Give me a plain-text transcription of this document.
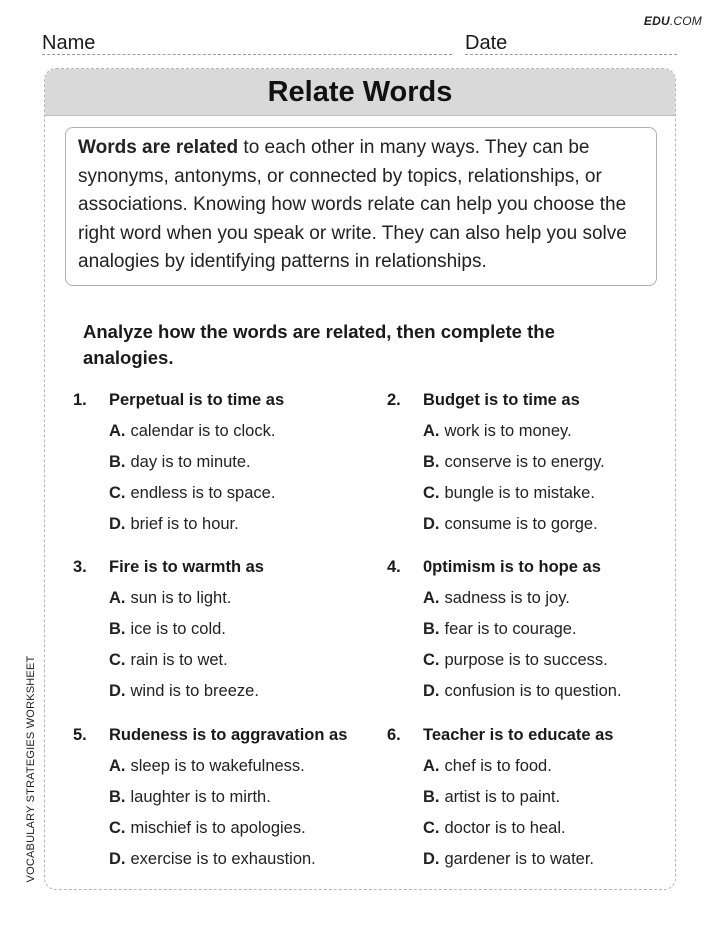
EDU.COM
Name	Date
VOCABULARY STRATEGIES WORKSHEET
Relate Words
Words are related to each other in many ways. They can be synonyms, antonyms, or connected by topics, relationships, or associations. Knowing how words relate can help you choose the right word when you speak or write. They can also help you solve analogies by identifying patterns in relationships.
Analyze how the words are related, then complete the analogies.
1.	Perpetual is to time as
A. calendar is to clock.
B. day is to minute.
C. endless is to space.
D. brief is to hour.
2.	Budget is to time as
A. work is to money.
B. conserve is to energy.
C. bungle is to mistake.
D. consume is to gorge.
3.	Fire is to warmth as
A. sun is to light.
B. ice is to cold.
C. rain is to wet.
D. wind is to breeze.
4.	0ptimism is to hope as
A. sadness is to joy.
B. fear is to courage.
C. purpose is to success.
D. confusion is to question.
5.	Rudeness is to aggravation as
A. sleep is to wakefulness.
B. laughter is to mirth.
C. mischief is to apologies.
D. exercise is to exhaustion.
6.	Teacher is to educate as
A. chef is to food.
B. artist is to paint.
C. doctor is to heal.
D. gardener is to water.
